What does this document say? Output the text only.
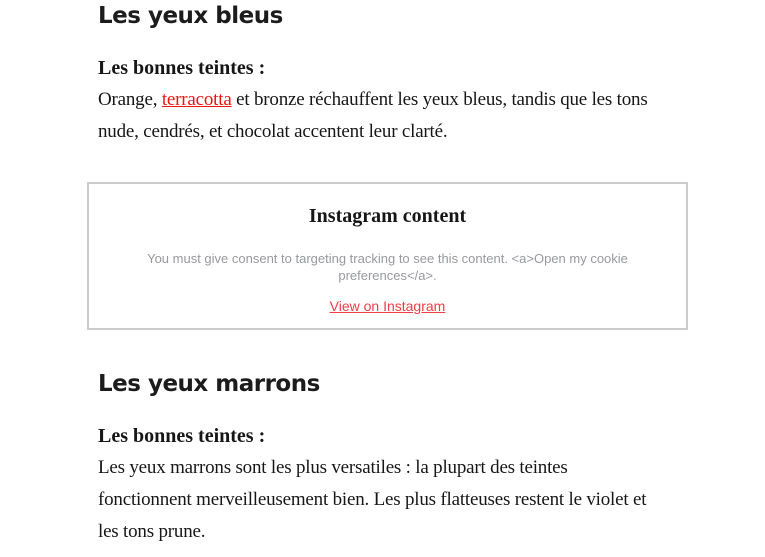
Les yeux bleus
Les bonnes teintes :

Orange, terracotta et bronze réchauffent les yeux bleus, tandis que les tons
nude, cendrés, et chocolat accentent leur clarté.

Instagram content

You must give consent to targeting tracking to see this content. <a>Open my cookie preferences</a>.

View on Instagram
Les yeux marrons
Les bonnes teintes :

Les yeux marrons sont les plus versatiles : la plupart des teintes
fonctionnent merveilleusement bien. Les plus flatteuses restent le violet et
les tons prune.
